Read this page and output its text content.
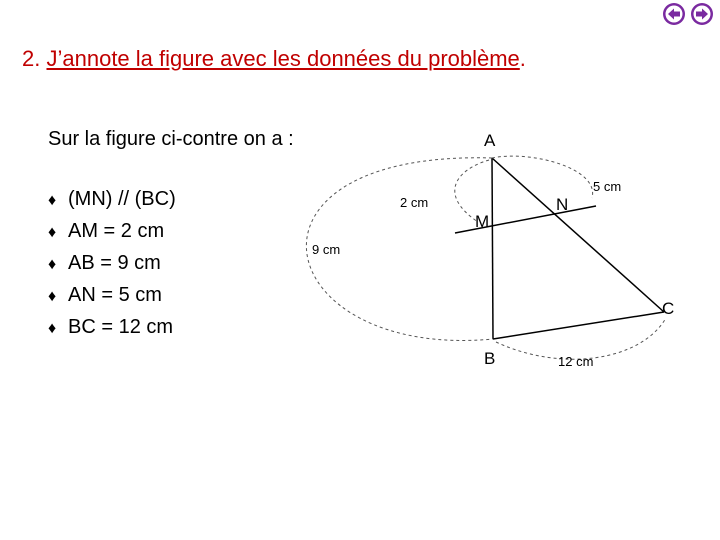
2. J’annote la figure avec les données du problème.
Sur la figure ci-contre on a :
♦ (MN) // (BC)
♦ AM = 2 cm
♦ AB = 9 cm
♦ AN = 5 cm
♦ BC = 12 cm
A
M
N
B
C
2 cm
9 cm
5 cm
12 cm
